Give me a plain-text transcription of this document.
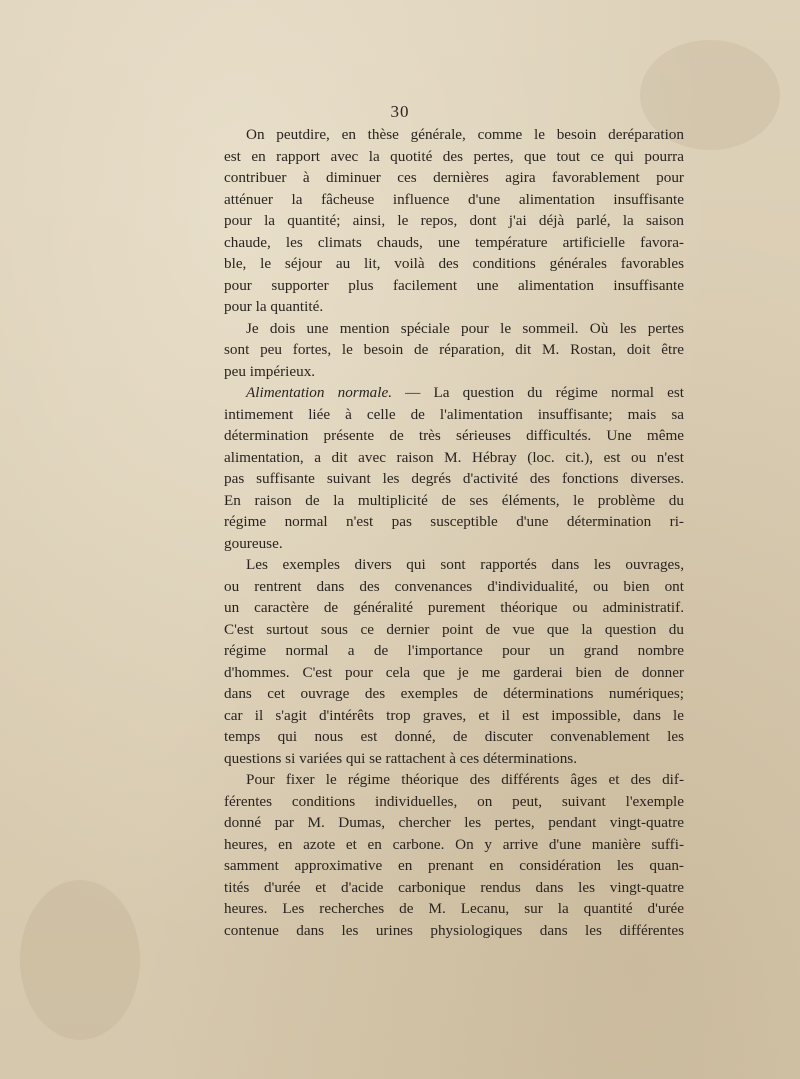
30
On peutdire, en thèse générale, comme le besoin deréparation
est en rapport avec la quotité des pertes, que tout ce qui pourra
contribuer à diminuer ces dernières agira favorablement pour
atténuer la fâcheuse influence d'une alimentation insuffisante
pour la quantité; ainsi, le repos, dont j'ai déjà parlé, la saison
chaude, les climats chauds, une température artificielle favora-
ble, le séjour au lit, voilà des conditions générales favorables
pour supporter plus facilement une alimentation insuffisante
pour la quantité.
Je dois une mention spéciale pour le sommeil. Où les pertes
sont peu fortes, le besoin de réparation, dit M. Rostan, doit être
peu impérieux.
Alimentation normale. — La question du régime normal est
intimement liée à celle de l'alimentation insuffisante; mais sa
détermination présente de très sérieuses difficultés. Une même
alimentation, a dit avec raison M. Hébray (loc. cit.), est ou n'est
pas suffisante suivant les degrés d'activité des fonctions diverses.
En raison de la multiplicité de ses éléments, le problème du
régime normal n'est pas susceptible d'une détermination ri-
goureuse.
Les exemples divers qui sont rapportés dans les ouvrages,
ou rentrent dans des convenances d'individualité, ou bien ont
un caractère de généralité purement théorique ou administratif.
C'est surtout sous ce dernier point de vue que la question du
régime normal a de l'importance pour un grand nombre
d'hommes. C'est pour cela que je me garderai bien de donner
dans cet ouvrage des exemples de déterminations numériques;
car il s'agit d'intérêts trop graves, et il est impossible, dans le
temps qui nous est donné, de discuter convenablement les
questions si variées qui se rattachent à ces déterminations.
Pour fixer le régime théorique des différents âges et des dif-
férentes conditions individuelles, on peut, suivant l'exemple
donné par M. Dumas, chercher les pertes, pendant vingt-quatre
heures, en azote et en carbone. On y arrive d'une manière suffi-
samment approximative en prenant en considération les quan-
tités d'urée et d'acide carbonique rendus dans les vingt-quatre
heures. Les recherches de M. Lecanu, sur la quantité d'urée
contenue dans les urines physiologiques dans les différentes
